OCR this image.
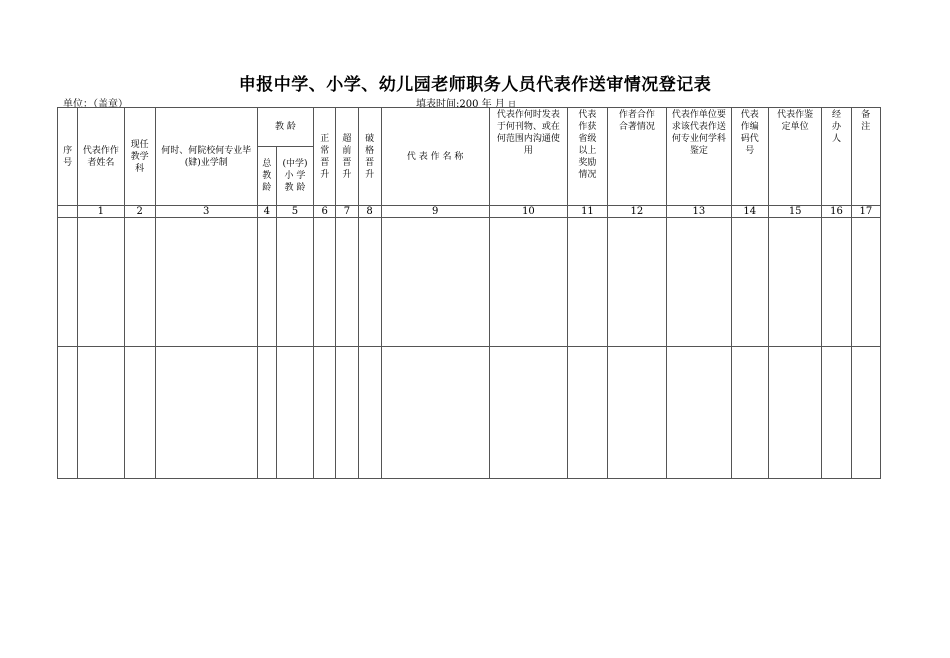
申报中学、小学、幼儿园老师职务人员代表作送审情况登记表
单位：（盖章）	填表时间:200 年 月 日
序号	代表作作者姓名	现任教学科	何时、何院校何专业毕(肄)业学制	教 龄		正常晋升	超前晋升	破格晋升	代 表 作 名 称	代表作何时发表于何刊物、或在何范围内沟通使用	代表作获省级以上奖励情况	作者合作合著情况	代表作单位要求该代表作送何专业何学科鉴定	代表作编码代号	代表作鉴定单位	经办人	备注
				总教龄	(中学)小 学 教 龄												
	1	2	3	4	5	6	7	8	9	10	11	12	13	14	15	16	17
